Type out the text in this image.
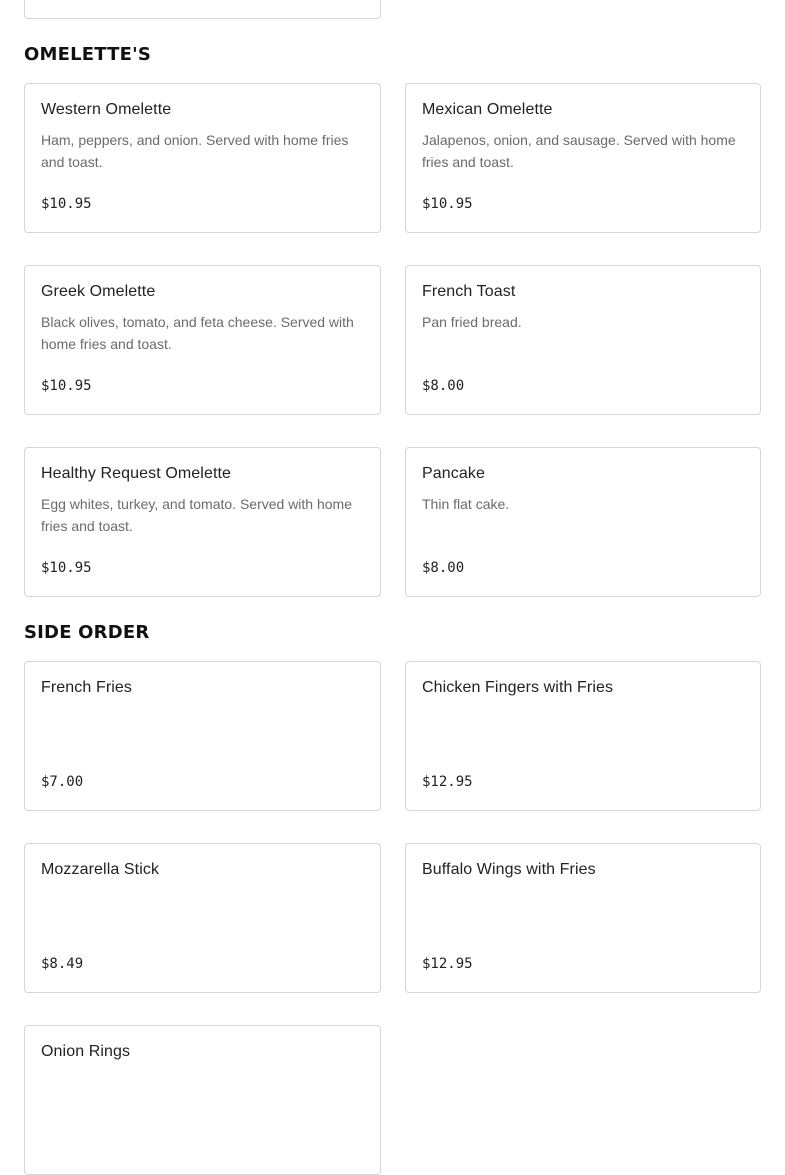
OMELETTE'S
Western Omelette
Ham, peppers, and onion. Served with home fries and toast.
$10.95
Mexican Omelette
Jalapenos, onion, and sausage. Served with home fries and toast.
$10.95
Greek Omelette
Black olives, tomato, and feta cheese. Served with home fries and toast.
$10.95
French Toast
Pan fried bread.
$8.00
Healthy Request Omelette
Egg whites, turkey, and tomato. Served with home fries and toast.
$10.95
Pancake
Thin flat cake.
$8.00
SIDE ORDER
French Fries
$7.00
Chicken Fingers with Fries
$12.95
Mozzarella Stick
$8.49
Buffalo Wings with Fries
$12.95
Onion Rings
